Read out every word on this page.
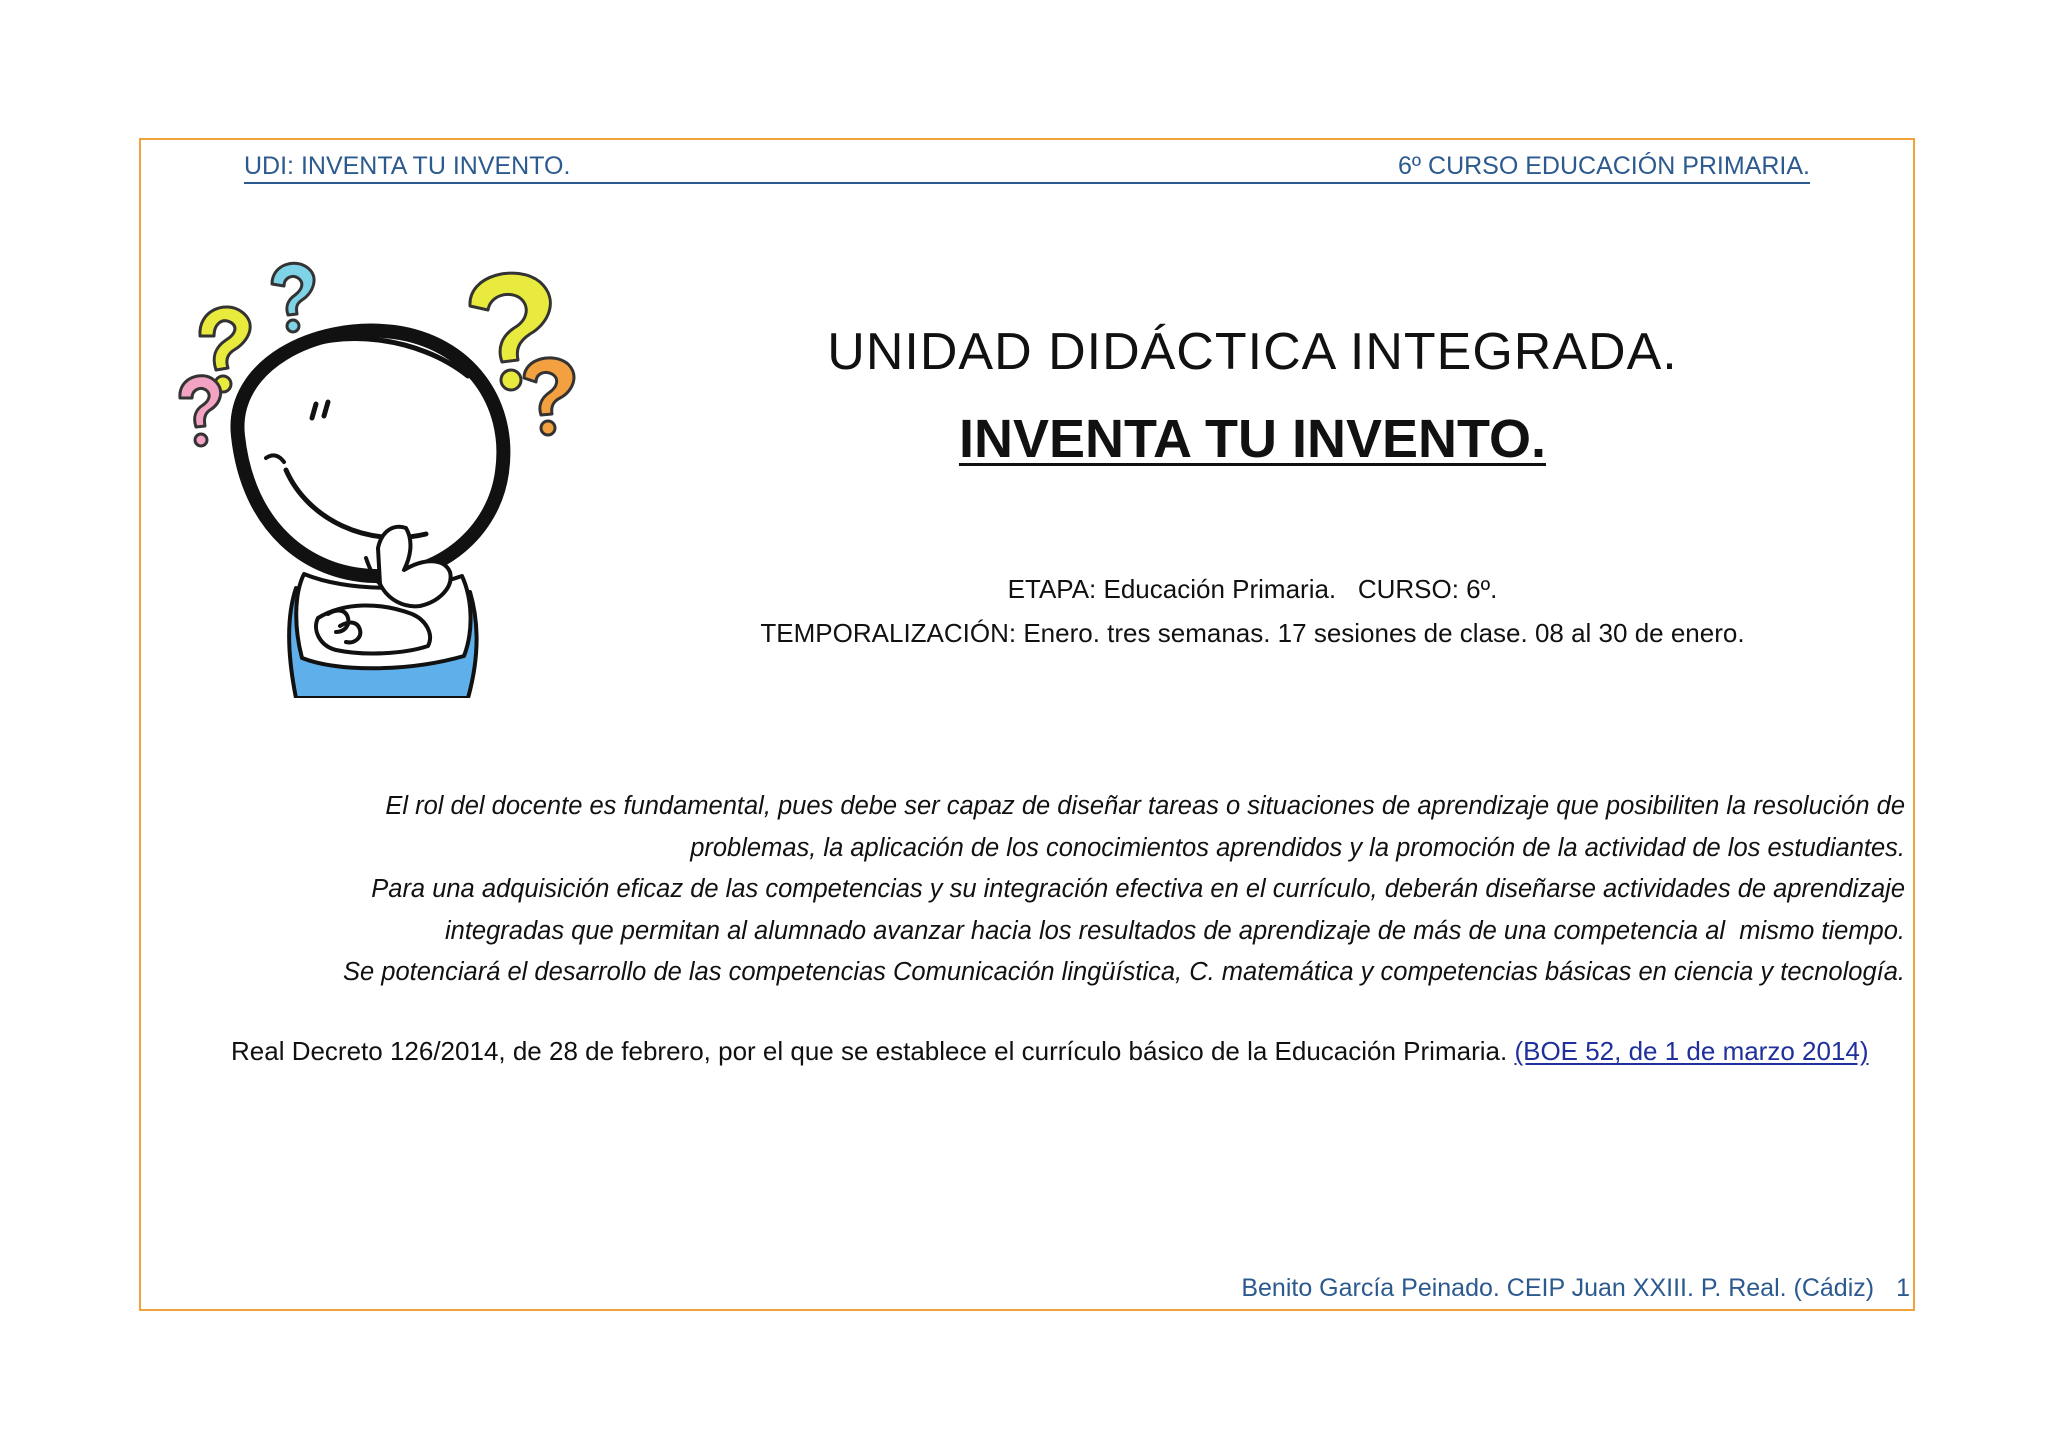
UDI: INVENTA TU INVENTO.	6º CURSO EDUCACIÓN PRIMARIA.
UNIDAD DIDÁCTICA INTEGRADA.
INVENTA TU INVENTO.
ETAPA: Educación Primaria.   CURSO: 6º.
TEMPORALIZACIÓN: Enero. tres semanas. 17 sesiones de clase. 08 al 30 de enero.
El rol del docente es fundamental, pues debe ser capaz de diseñar tareas o situaciones de aprendizaje que posibiliten la resolución de
problemas, la aplicación de los conocimientos aprendidos y la promoción de la actividad de los estudiantes.
Para una adquisición eficaz de las competencias y su integración efectiva en el currículo, deberán diseñarse actividades de aprendizaje
integradas que permitan al alumnado avanzar hacia los resultados de aprendizaje de más de una competencia al  mismo tiempo.
Se potenciará el desarrollo de las competencias Comunicación lingüística, C. matemática y competencias básicas en ciencia y tecnología.
Real Decreto 126/2014, de 28 de febrero, por el que se establece el currículo básico de la Educación Primaria. (BOE 52, de 1 de marzo 2014)
Benito García Peinado. CEIP Juan XXIII. P. Real. (Cádiz) 1
